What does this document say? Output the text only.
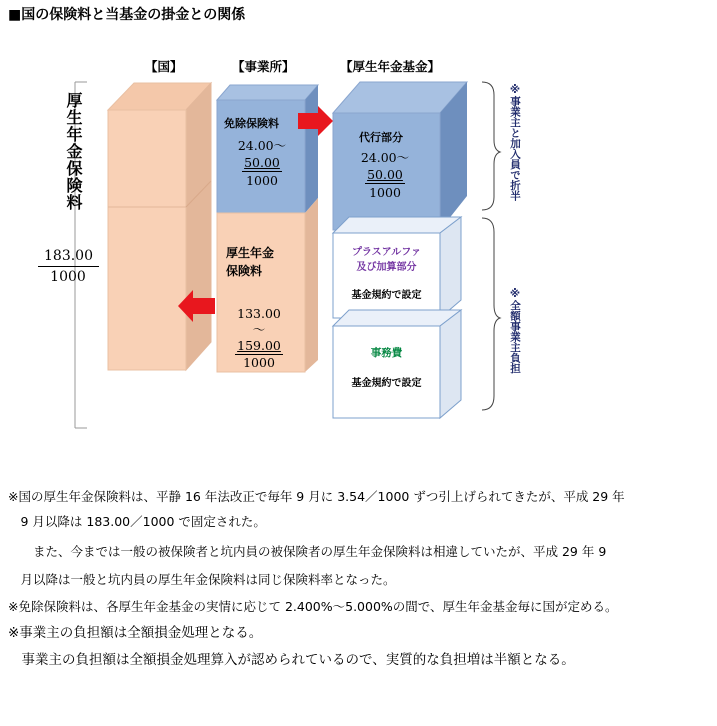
■国の保険料と当基金の掛金との関係
【国】	【事業所】	【厚生年金基金】
厚生年金保険料
$\frac{183.00}{1000}$
免除保険料
24.00～
50.00
1000
厚生年金
保険料
133.00
～
159.00
1000
代行部分
24.00～
50.00
1000
プラスアルファ
及び加算部分
基金規約で設定
事務費
基金規約で設定
※事業主と加入員で折半
※全額事業主負担
※国の厚生年金保険料は、平静 16 年法改正で毎年 9 月に 3.54／1000 ずつ引上げられてきたが、平成 29 年
　9 月以降は 183.00／1000 で固定された。
　　また、今までは一般の被保険者と坑内員の被保険者の厚生年金保険料は相違していたが、平成 29 年 9
　月以降は一般と坑内員の厚生年金保険料は同じ保険料率となった。
※免除保険料は、各厚生年金基金の実情に応じて 2.400%～5.000%の間で、厚生年金基金毎に国が定める。
※事業主の負担額は全額損金処理となる。
　事業主の負担額は全額損金処理算入が認められているので、実質的な負担増は半額となる。
